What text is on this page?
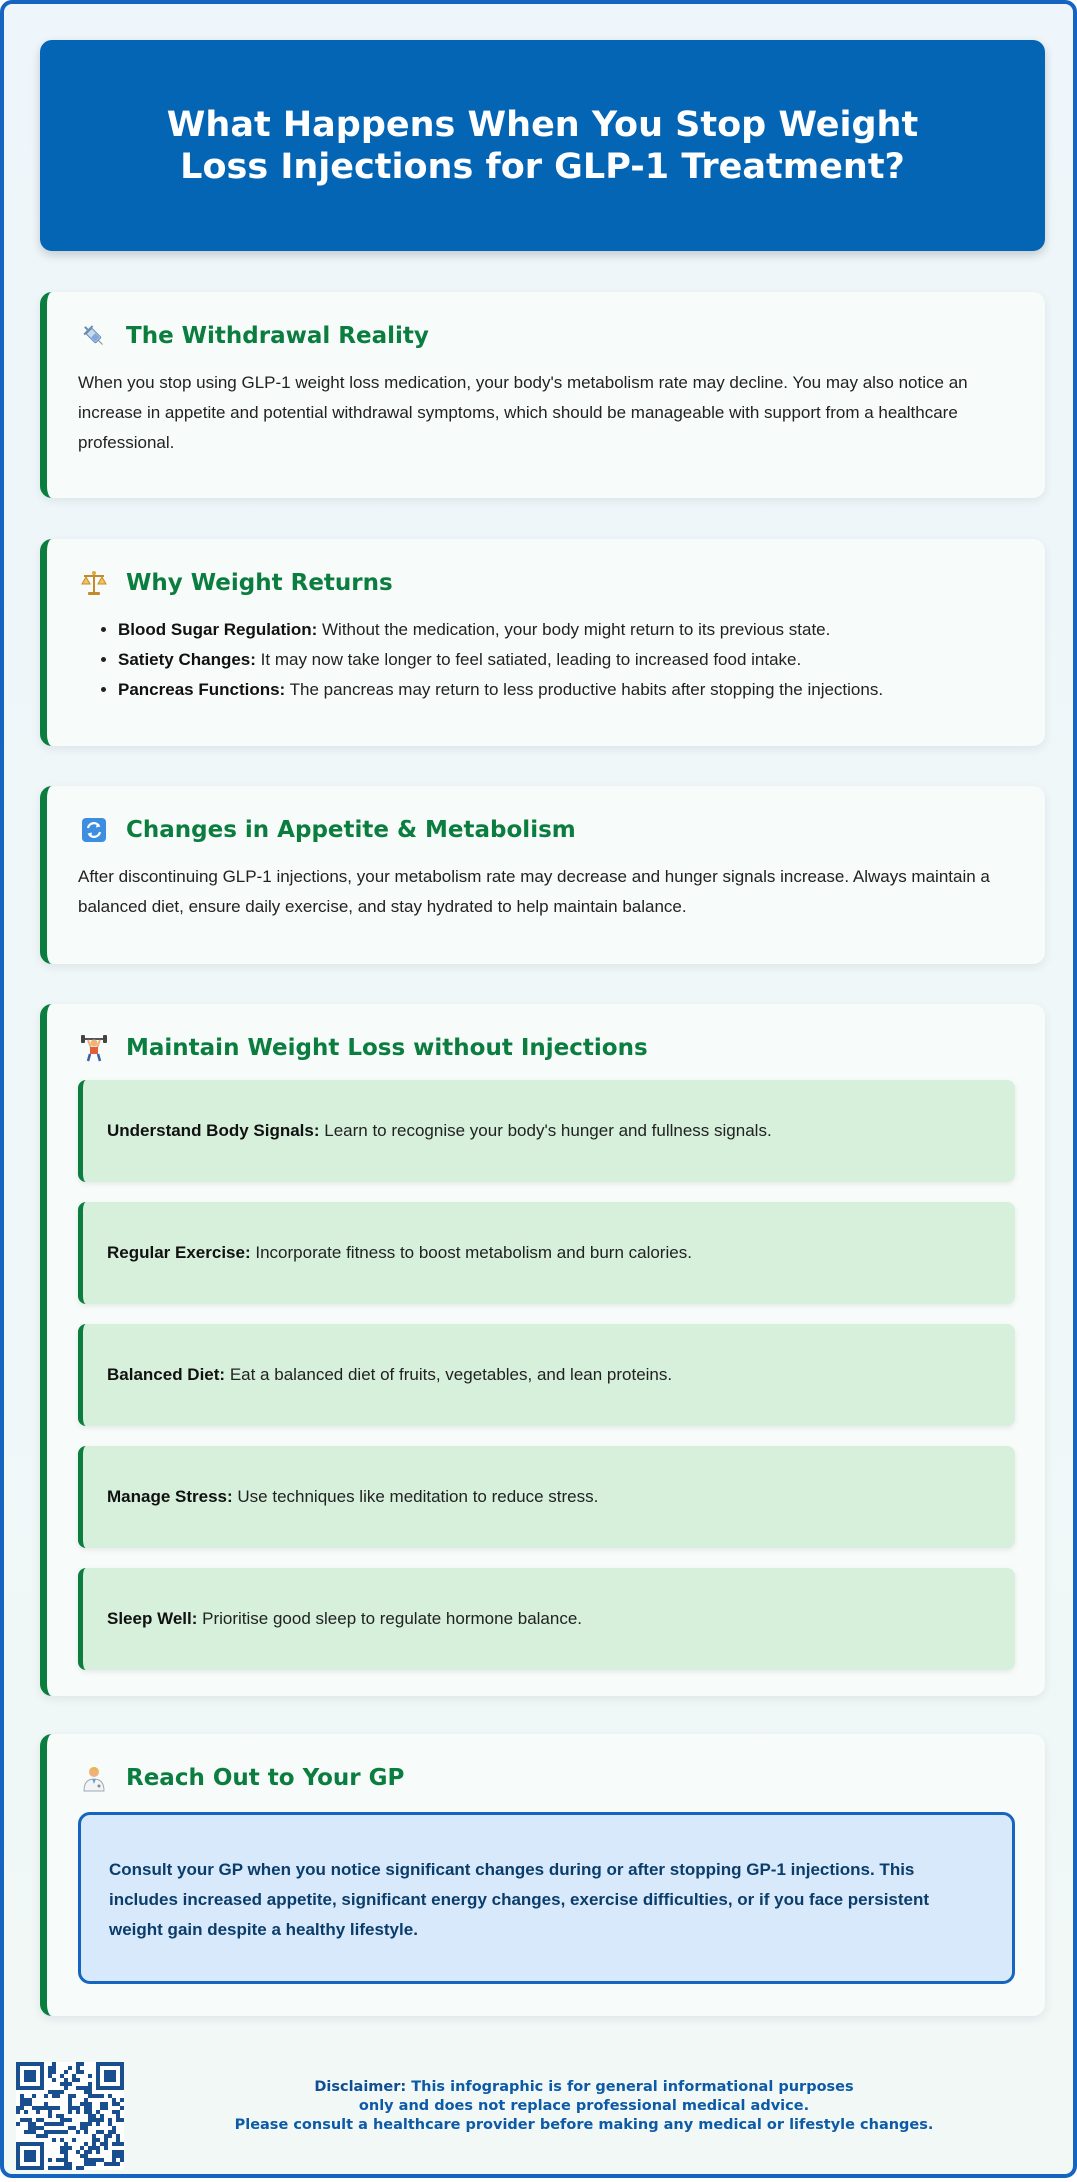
What Happens When You Stop Weight Loss Injections for GLP-1 Treatment?
The Withdrawal Reality

When you stop using GLP-1 weight loss medication, your body's metabolism rate may decline. You may also notice an increase in appetite and potential withdrawal symptoms, which should be manageable with support from a healthcare professional.

Why Weight Returns
• Blood Sugar Regulation: Without the medication, your body might return to its previous state.
• Satiety Changes: It may now take longer to feel satiated, leading to increased food intake.
• Pancreas Functions: The pancreas may return to less productive habits after stopping the injections.
Changes in Appetite & Metabolism

After discontinuing GLP-1 injections, your metabolism rate may decrease and hunger signals increase. Always maintain a balanced diet, ensure daily exercise, and stay hydrated to help maintain balance.

Maintain Weight Loss without Injections
Understand Body Signals: Learn to recognise your body's hunger and fullness signals.
Regular Exercise: Incorporate fitness to boost metabolism and burn calories.
Balanced Diet: Eat a balanced diet of fruits, vegetables, and lean proteins.
Manage Stress: Use techniques like meditation to reduce stress.
Sleep Well: Prioritise good sleep to regulate hormone balance.
Reach Out to Your GP
Consult your GP when you notice significant changes during or after stopping GP-1 injections. This includes increased appetite, significant energy changes, exercise difficulties, or if you face persistent weight gain despite a healthy lifestyle.
Disclaimer: This infographic is for general informational purposes
only and does not replace professional medical advice.
Please consult a healthcare provider before making any medical or lifestyle changes.
